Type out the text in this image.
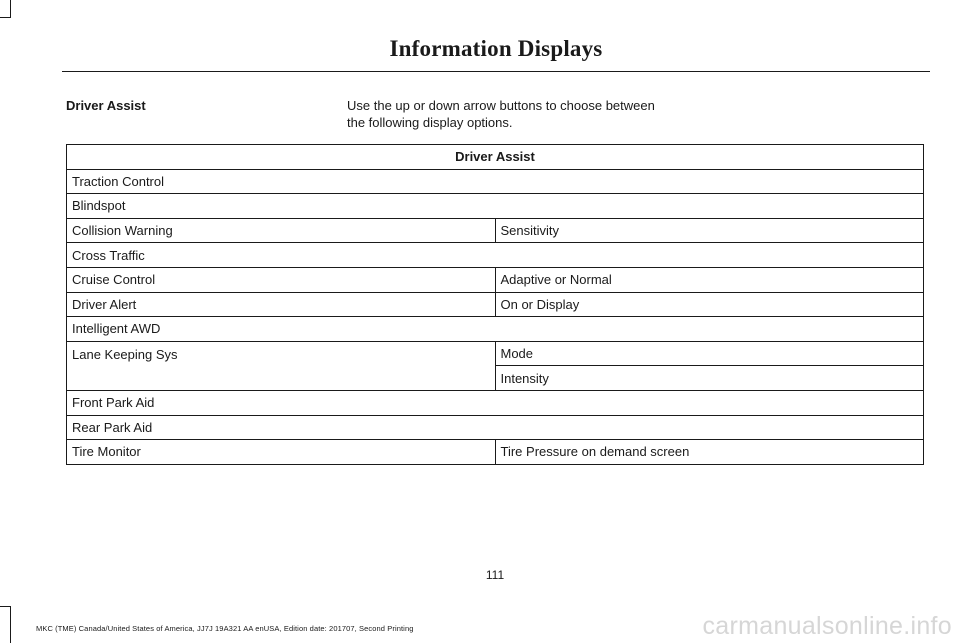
Information Displays
Driver Assist	Use the up or down arrow buttons to choose between the following display options.
Driver Assist	
Traction Control	
Blindspot	
Collision Warning	Sensitivity
Cross Traffic	
Cruise Control	Adaptive or Normal
Driver Alert	On or Display
Intelligent AWD	
Lane Keeping Sys	Mode
	Intensity
Front Park Aid	
Rear Park Aid	
Tire Monitor	Tire Pressure on demand screen
111
MKC (TME) Canada/United States of America, JJ7J 19A321 AA enUSA, Edition date: 201707, Second Printing	carmanualsonline.info
